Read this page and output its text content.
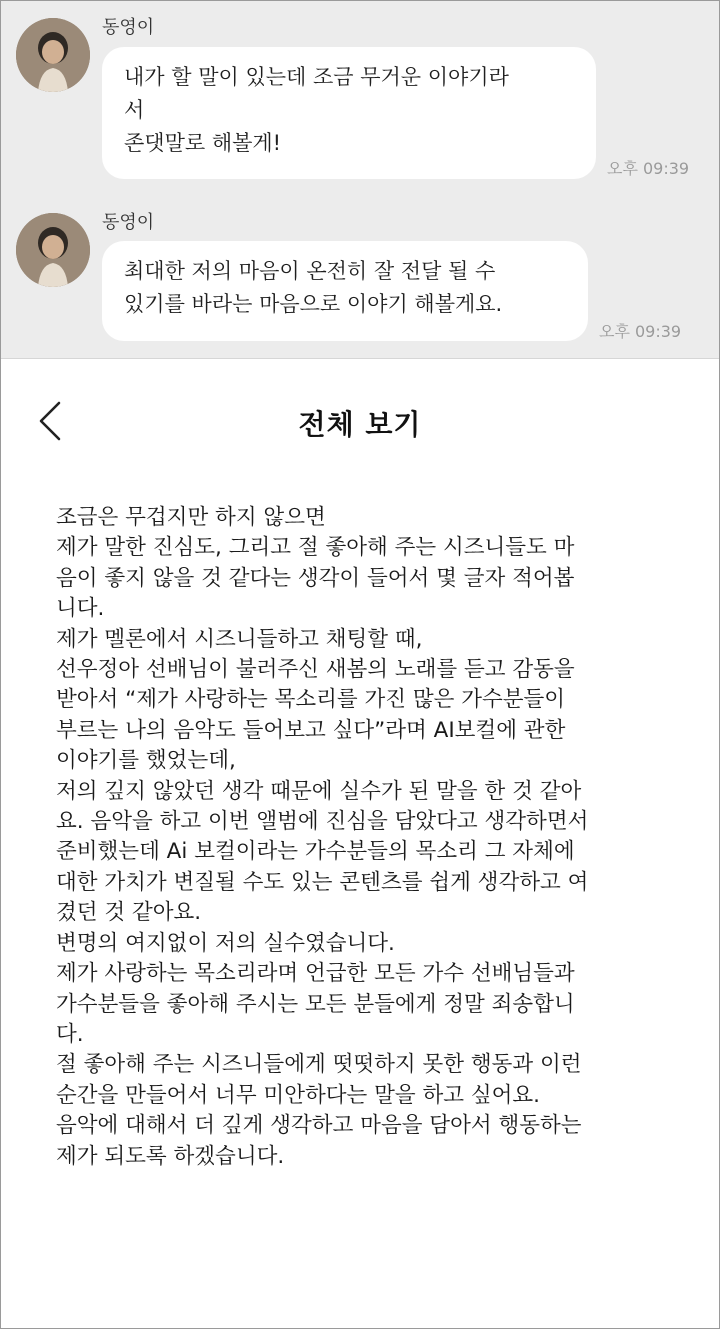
동영이
내가 할 말이 있는데 조금 무거운 이야기라
서
존댓말로 해볼게!
오후 09:39
동영이
최대한 저의 마음이 온전히 잘 전달 될 수
있기를 바라는 마음으로 이야기 해볼게요.
오후 09:39
전체 보기
조금은 무겁지만 하지 않으면
제가 말한 진심도, 그리고 절 좋아해 주는 시즈니들도 마
음이 좋지 않을 것 같다는 생각이 들어서 몇 글자 적어봅
니다.
제가 멜론에서 시즈니들하고 채팅할 때,
선우정아 선배님이 불러주신 새봄의 노래를 듣고 감동을
받아서 “제가 사랑하는 목소리를 가진 많은 가수분들이
부르는 나의 음악도 들어보고 싶다”라며 AI보컬에 관한
이야기를 했었는데,
저의 깊지 않았던 생각 때문에 실수가 된 말을 한 것 같아
요. 음악을 하고 이번 앨범에 진심을 담았다고 생각하면서
준비했는데 Ai 보컬이라는 가수분들의 목소리 그 자체에
대한 가치가 변질될 수도 있는 콘텐츠를 쉽게 생각하고 여
겼던 것 같아요.
변명의 여지없이 저의 실수였습니다.
제가 사랑하는 목소리라며 언급한 모든 가수 선배님들과
가수분들을 좋아해 주시는 모든 분들에게 정말 죄송합니
다.
절 좋아해 주는 시즈니들에게 떳떳하지 못한 행동과 이런
순간을 만들어서 너무 미안하다는 말을 하고 싶어요.
음악에 대해서 더 깊게 생각하고 마음을 담아서 행동하는
제가 되도록 하겠습니다.
